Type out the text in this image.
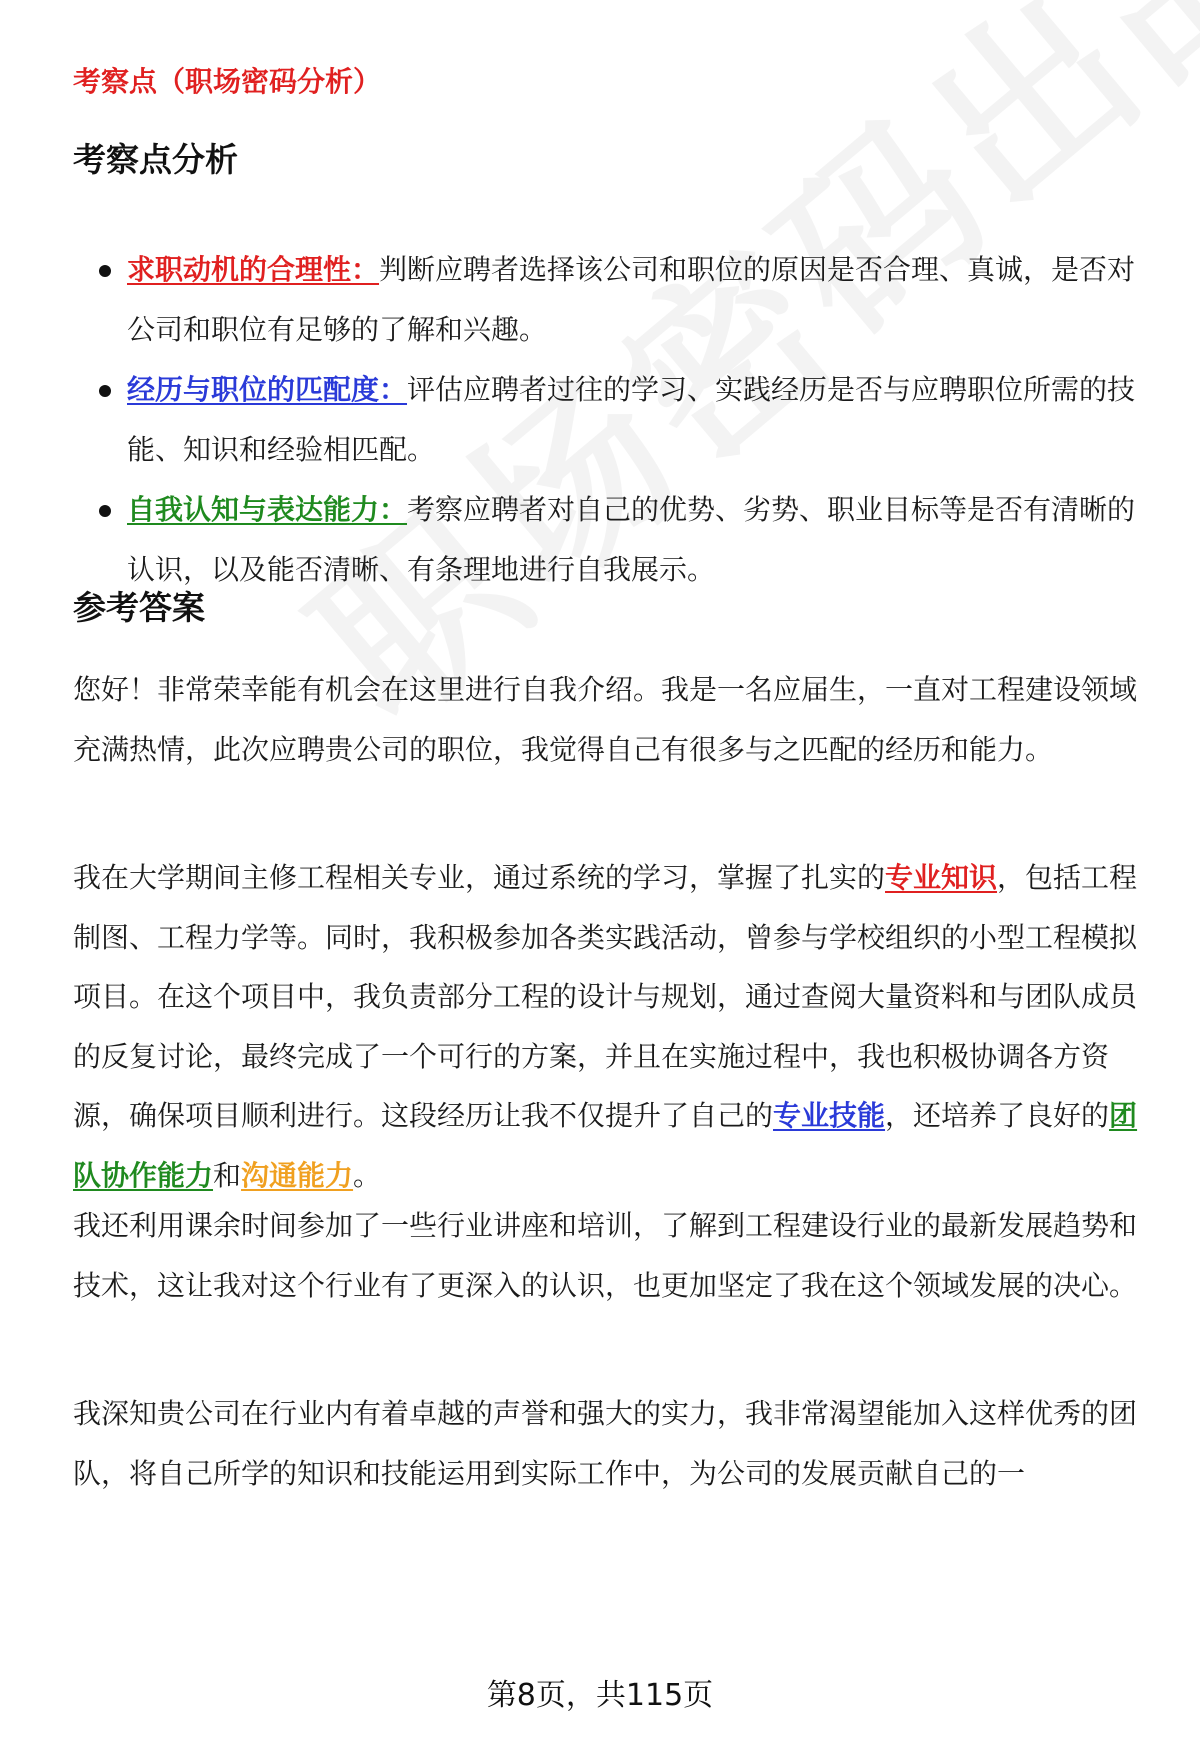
考察点（职场密码分析）
考察点分析
求职动机的合理性：判断应聘者选择该公司和职位的原因是否合理、真诚，是否对公司和职位有足够的了解和兴趣。
经历与职位的匹配度：评估应聘者过往的学习、实践经历是否与应聘职位所需的技能、知识和经验相匹配。
自我认知与表达能力：考察应聘者对自己的优势、劣势、职业目标等是否有清晰的认识，以及能否清晰、有条理地进行自我展示。
参考答案

您好！非常荣幸能有机会在这里进行自我介绍。我是一名应届生，一直对工程建设领域充满热情，此次应聘贵公司的职位，我觉得自己有很多与之匹配的经历和能力。

我在大学期间主修工程相关专业，通过系统的学习，掌握了扎实的专业知识，包括工程制图、工程力学等。同时，我积极参加各类实践活动，曾参与学校组织的小型工程模拟项目。在这个项目中，我负责部分工程的设计与规划，通过查阅大量资料和与团队成员的反复讨论，最终完成了一个可行的方案，并且在实施过程中，我也积极协调各方资源，确保项目顺利进行。这段经历让我不仅提升了自己的专业技能，还培养了良好的团队协作能力和沟通能力。

我还利用课余时间参加了一些行业讲座和培训，了解到工程建设行业的最新发展趋势和技术，这让我对这个行业有了更深入的认识，也更加坚定了我在这个领域发展的决心。

我深知贵公司在行业内有着卓越的声誉和强大的实力，我非常渴望能加入这样优秀的团队，将自己所学的知识和技能运用到实际工作中，为公司的发展贡献自己的一

第8页，共115页
